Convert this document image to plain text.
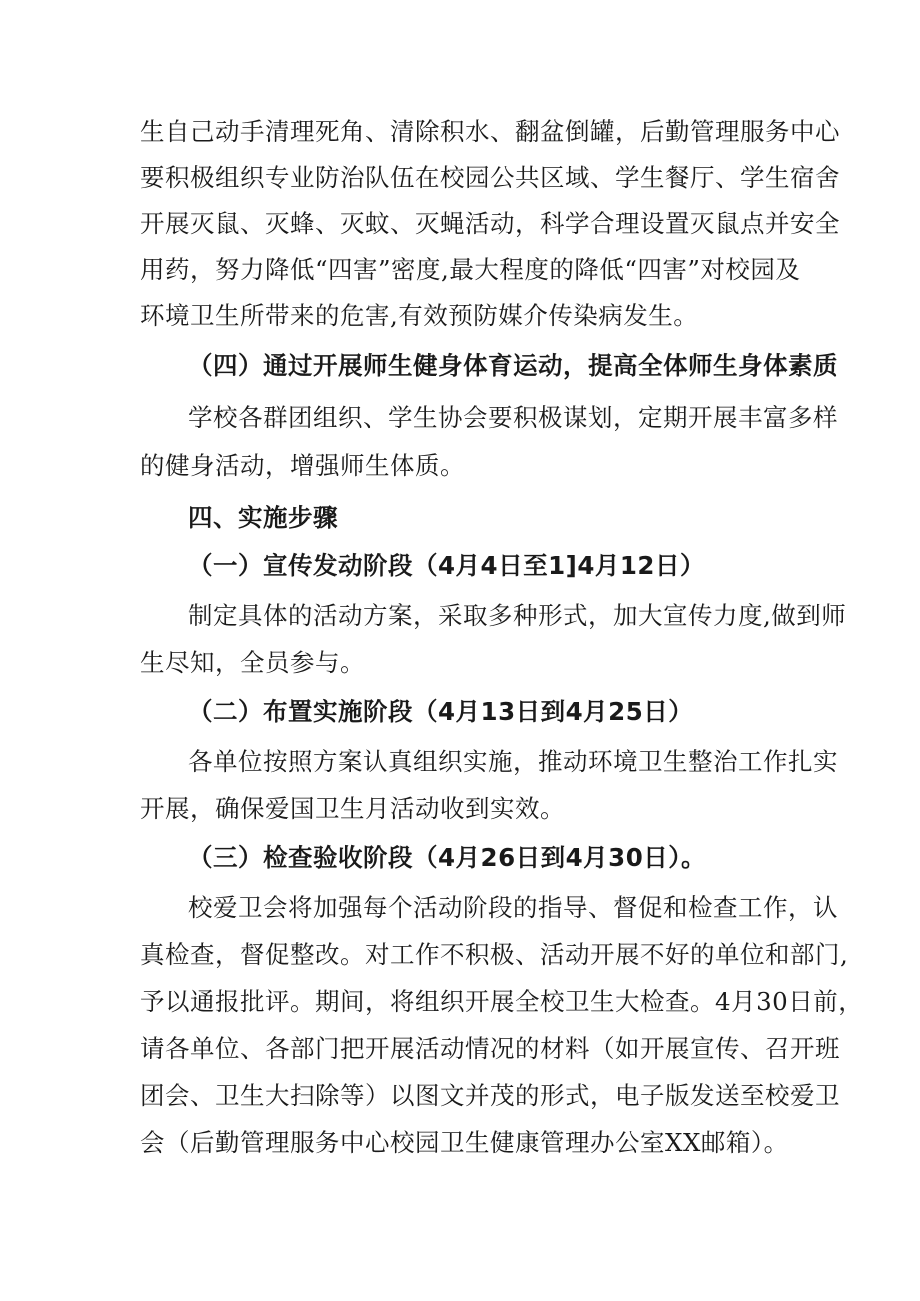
生自己动手清理死角、清除积水、翻盆倒罐，后勤管理服务中心
要积极组织专业防治队伍在校园公共区域、学生餐厅、学生宿舍
开展灭鼠、灭蜂、灭蚊、灭蝇活动，科学合理设置灭鼠点并安全
用药，努力降低“四害”密度,最大程度的降低“四害”对校园及
环境卫生所带来的危害,有效预防媒介传染病发生。
（四）通过开展师生健身体育运动，提高全体师生身体素质
学校各群团组织、学生协会要积极谋划，定期开展丰富多样
的健身活动，增强师生体质。
四、实施步骤
（一）宣传发动阶段（4月4日至1]4月12日）
制定具体的活动方案，采取多种形式，加大宣传力度,做到师
生尽知，全员参与。
（二）布置实施阶段（4月13日到4月25日）
各单位按照方案认真组织实施，推动环境卫生整治工作扎实
开展，确保爱国卫生月活动收到实效。
（三）检查验收阶段（4月26日到4月30日）。
校爱卫会将加强每个活动阶段的指导、督促和检查工作，认
真检查，督促整改。对工作不积极、活动开展不好的单位和部门,
予以通报批评。期间，将组织开展全校卫生大检查。4月30日前，
请各单位、各部门把开展活动情况的材料（如开展宣传、召开班
团会、卫生大扫除等）以图文并茂的形式，电子版发送至校爱卫
会（后勤管理服务中心校园卫生健康管理办公室XX邮箱）。
